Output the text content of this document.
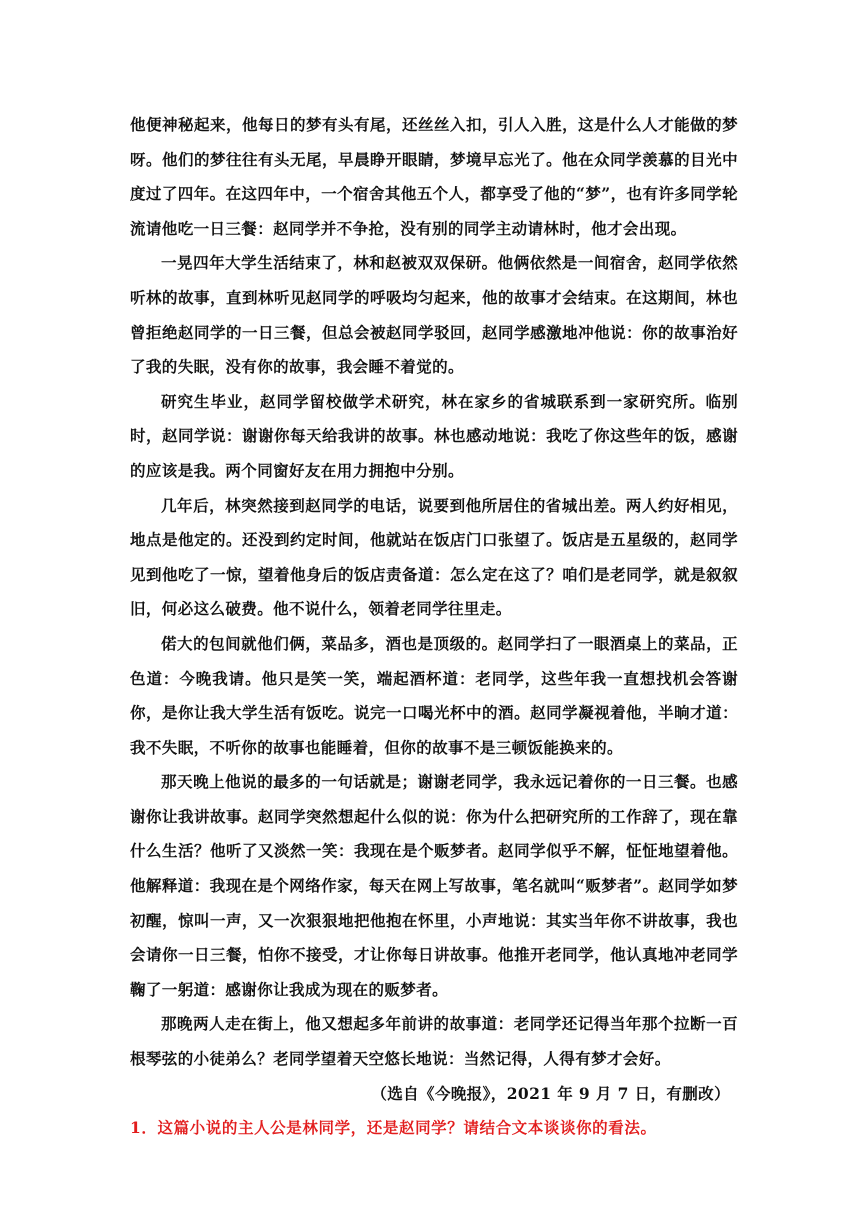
他便神秘起来，他每日的梦有头有尾，还丝丝入扣，引人入胜，这是什么人才能做的梦呀。他们的梦往往有头无尾，早晨睁开眼睛，梦境早忘光了。他在众同学羡慕的目光中度过了四年。在这四年中，一个宿舍其他五个人，都享受了他的“梦”，也有许多同学轮流请他吃一日三餐：赵同学并不争抢，没有别的同学主动请林时，他才会出现。

一晃四年大学生活结束了，林和赵被双双保研。他俩依然是一间宿舍，赵同学依然听林的故事，直到林听见赵同学的呼吸均匀起来，他的故事才会结束。在这期间，林也曾拒绝赵同学的一日三餐，但总会被赵同学驳回，赵同学感激地冲他说：你的故事治好了我的失眠，没有你的故事，我会睡不着觉的。

研究生毕业，赵同学留校做学术研究，林在家乡的省城联系到一家研究所。临别时，赵同学说：谢谢你每天给我讲的故事。林也感动地说：我吃了你这些年的饭，感谢的应该是我。两个同窗好友在用力拥抱中分别。

几年后，林突然接到赵同学的电话，说要到他所居住的省城出差。两人约好相见，地点是他定的。还没到约定时间，他就站在饭店门口张望了。饭店是五星级的，赵同学见到他吃了一惊，望着他身后的饭店责备道：怎么定在这了？咱们是老同学，就是叙叙旧，何必这么破费。他不说什么，领着老同学往里走。

偌大的包间就他们俩，菜品多，酒也是顶级的。赵同学扫了一眼酒桌上的菜品，正色道：今晚我请。他只是笑一笑，端起酒杯道：老同学，这些年我一直想找机会答谢你，是你让我大学生活有饭吃。说完一口喝光杯中的酒。赵同学凝视着他，半晌才道：我不失眠，不听你的故事也能睡着，但你的故事不是三顿饭能换来的。

那天晚上他说的最多的一句话就是；谢谢老同学，我永远记着你的一日三餐。也感谢你让我讲故事。赵同学突然想起什么似的说：你为什么把研究所的工作辞了，现在靠什么生活？他听了又淡然一笑：我现在是个贩梦者。赵同学似乎不解，怔怔地望着他。他解释道：我现在是个网络作家，每天在网上写故事，笔名就叫“贩梦者”。赵同学如梦初醒，惊叫一声，又一次狠狠地把他抱在怀里，小声地说：其实当年你不讲故事，我也会请你一日三餐，怕你不接受，才让你每日讲故事。他推开老同学，他认真地冲老同学鞠了一躬道：感谢你让我成为现在的贩梦者。

那晚两人走在街上，他又想起多年前讲的故事道：老同学还记得当年那个拉断一百根琴弦的小徒弟么？老同学望着天空悠长地说：当然记得，人得有梦才会好。

（选自《今晚报》，2021 年 9 月 7 日，有删改）

1．这篇小说的主人公是林同学，还是赵同学？请结合文本谈谈你的看法。
